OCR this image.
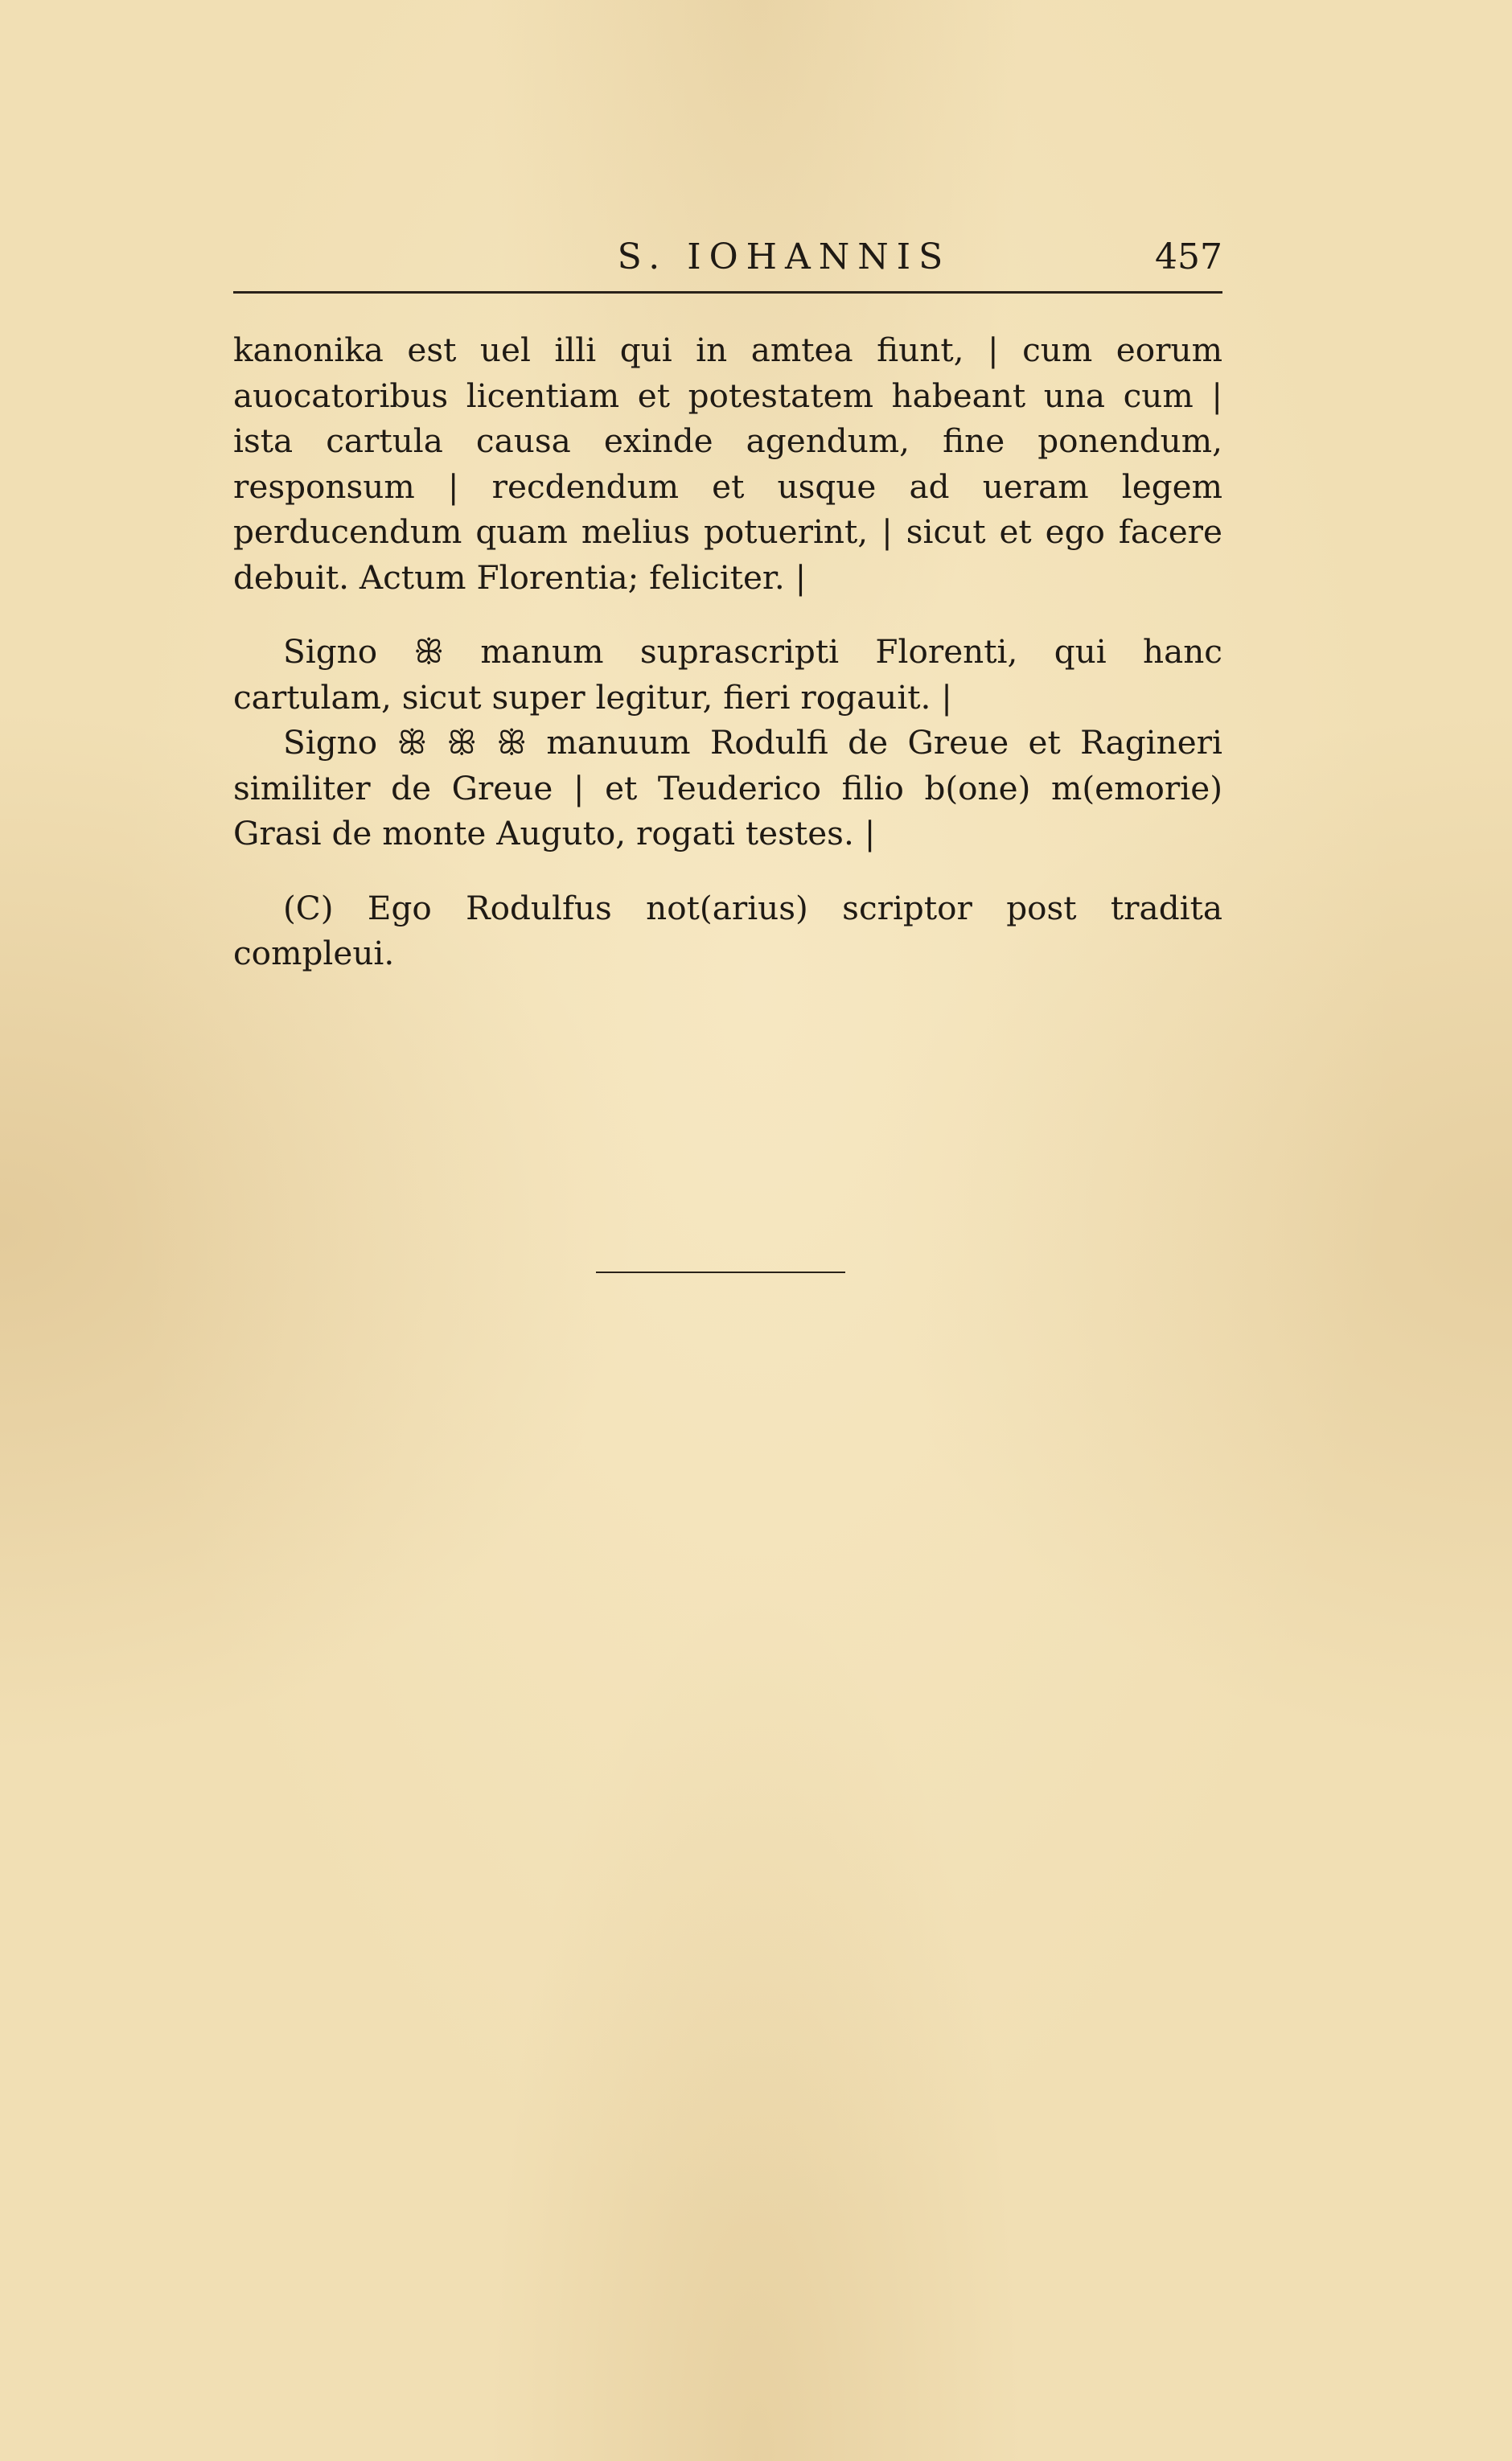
S. IOHANNIS	457

kanonika est uel illi qui in amtea fiunt, | cum eorum auocatoribus licentiam et potestatem habeant una cum | ista cartula causa exinde agendum, fine ponendum, responsum | recdendum et usque ad ueram legem perducendum quam melius potuerint, | sicut et ego facere debuit. Actum Florentia; feliciter. |

Signo ꕥ manum suprascripti Florenti, qui hanc cartulam, sicut super legitur, fieri rogauit. |

Signo ꕥ ꕥ ꕥ manuum Rodulfi de Greue et Ragineri similiter de Greue | et Teuderico filio b(one) m(emorie) Grasi de monte Auguto, rogati testes. |

(C) Ego Rodulfus not(arius) scriptor post tradita compleui.
